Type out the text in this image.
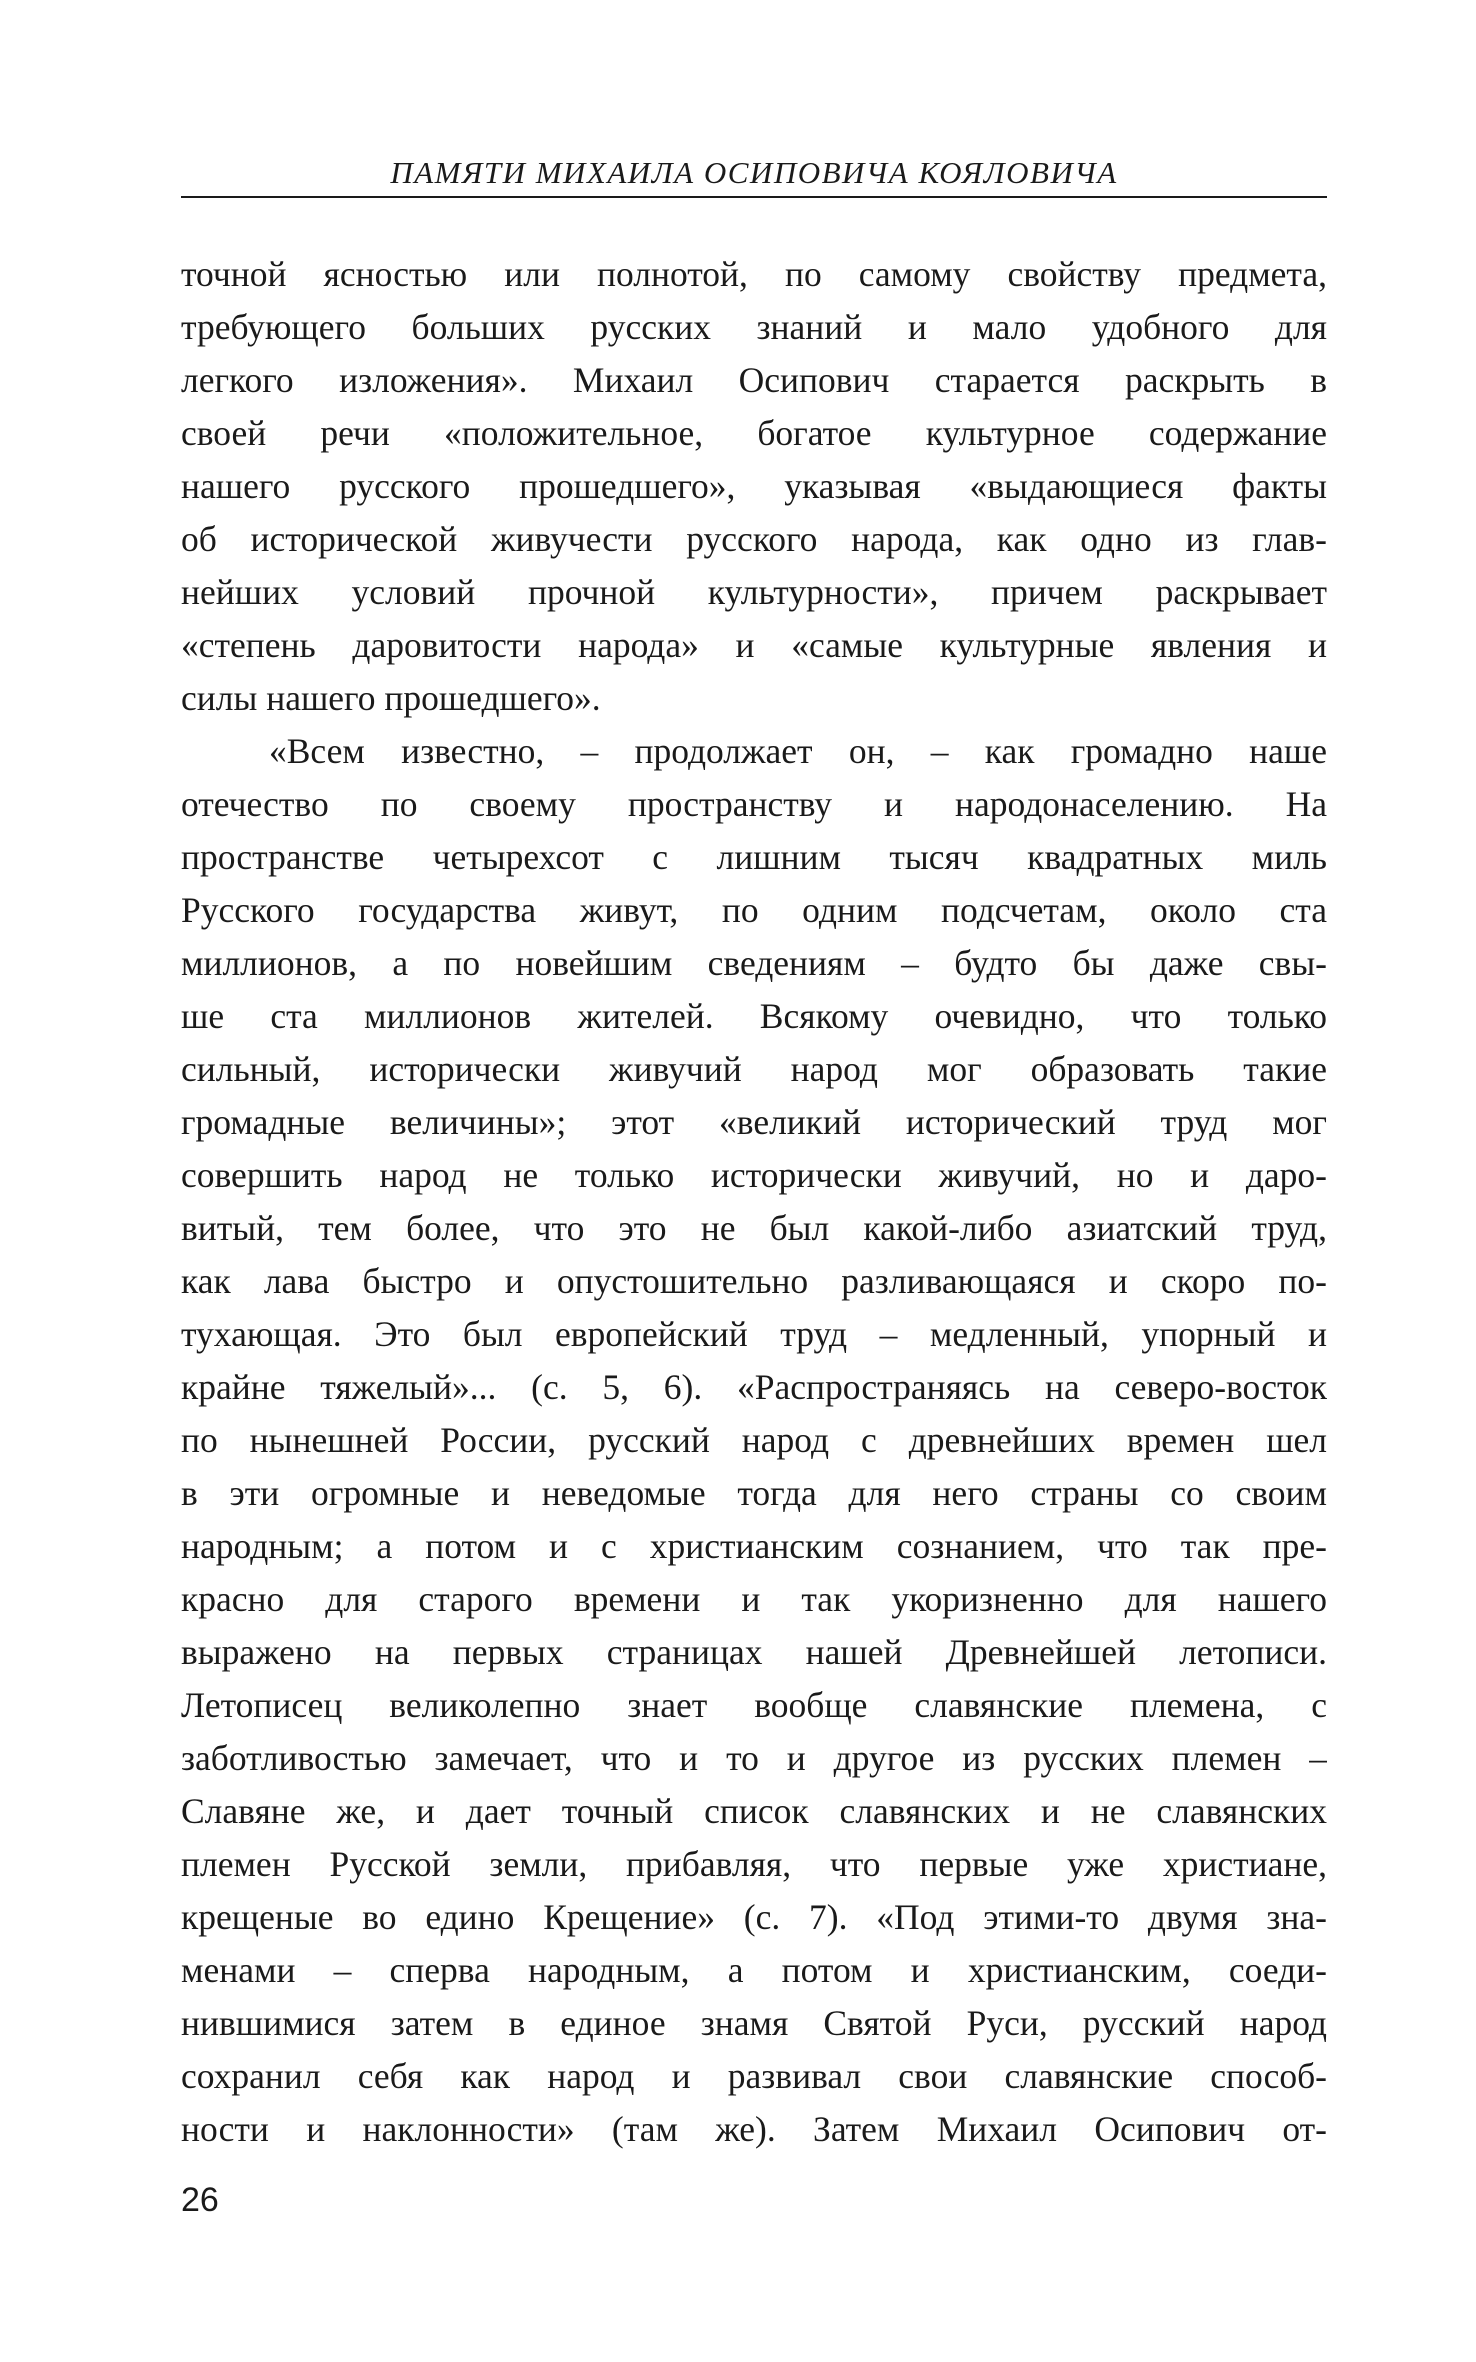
ПАМЯТИ МИХАИЛА ОСИПОВИЧА КОЯЛОВИЧА
точной ясностью или полнотой, по самому свойству предмета,
требующего больших русских знаний и мало удобного для
легкого изложения». Михаил Осипович старается раскрыть в
своей речи «положительное, богатое культурное содержание
нашего русского прошедшего», указывая «выдающиеся факты
об исторической живучести русского народа, как одно из глав-
нейших условий прочной культурности», причем раскрывает
«степень даровитости народа» и «самые культурные явления и
силы нашего прошедшего».
«Всем известно, – продолжает он, – как громадно наше
отечество по своему пространству и народонаселению. На
пространстве четырехсот с лишним тысяч квадратных миль
Русского государства живут, по одним подсчетам, около ста
миллионов, а по новейшим сведениям – будто бы даже свы-
ше ста миллионов жителей. Всякому очевидно, что только
сильный, исторически живучий народ мог образовать такие
громадные величины»; этот «великий исторический труд мог
совершить народ не только исторически живучий, но и даро-
витый, тем более, что это не был какой-либо азиатский труд,
как лава быстро и опустошительно разливающаяся и скоро по-
тухающая. Это был европейский труд – медленный, упорный и
крайне тяжелый»... (с. 5, 6). «Распространяясь на северо-восток
по нынешней России, русский народ с древнейших времен шел
в эти огромные и неведомые тогда для него страны со своим
народным; а потом и с христианским сознанием, что так пре-
красно для старого времени и так укоризненно для нашего
выражено на первых страницах нашей Древнейшей летописи.
Летописец великолепно знает вообще славянские племена, с
заботливостью замечает, что и то и другое из русских племен –
Славяне же, и дает точный список славянских и не славянских
племен Русской земли, прибавляя, что первые уже христиане,
крещеные во едино Крещение» (с. 7). «Под этими-то двумя зна-
менами – сперва народным, а потом и христианским, соеди-
нившимися затем в единое знамя Святой Руси, русский народ
сохранил себя как народ и развивал свои славянские способ-
ности и наклонности» (там же). Затем Михаил Осипович от-
26
